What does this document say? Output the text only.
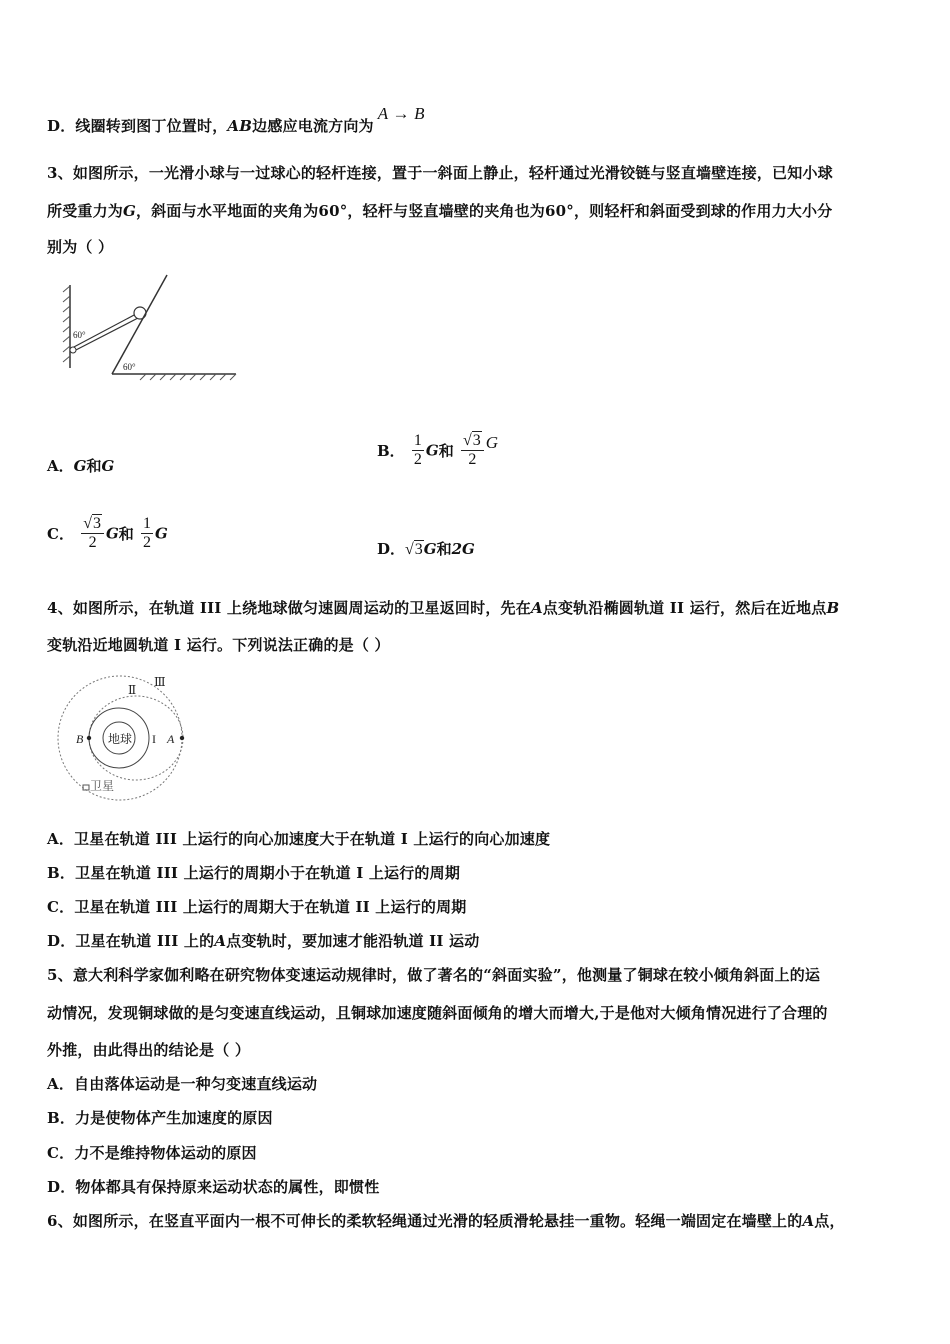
D．线圈转到图丁位置时，AB边感应电流方向为A → B
3、如图所示，一光滑小球与一过球心的轻杆连接，置于一斜面上静止，轻杆通过光滑铰链与竖直墙壁连接，已知小球
所受重力为G，斜面与水平地面的夹角为60°，轻杆与竖直墙壁的夹角也为60°，则轻杆和斜面受到球的作用力大小分
别为（ ）
60°
60°
A．G和G
B． $\frac{1}{2}$ G和 $\frac{√3}{2}$ G
C． $\frac{√3}{2}$ G和 $\frac{1}{2}$ G
D．√3G和2G
4、如图所示，在轨道 III 上绕地球做匀速圆周运动的卫星返回时，先在A点变轨沿椭圆轨道 II 运行，然后在近地点B
变轨沿近地圆轨道 I 运行。下列说法正确的是（ ）
地球
B	A
I
Ⅱ
Ⅲ
卫星
A．卫星在轨道 III 上运行的向心加速度大于在轨道 I 上运行的向心加速度
B．卫星在轨道 III 上运行的周期小于在轨道 I 上运行的周期
C．卫星在轨道 III 上运行的周期大于在轨道 II 上运行的周期
D．卫星在轨道 III 上的A点变轨时，要加速才能沿轨道 II 运动
5、意大利科学家伽利略在研究物体变速运动规律时，做了著名的“斜面实验”，他测量了铜球在较小倾角斜面上的运
动情况，发现铜球做的是匀变速直线运动，且铜球加速度随斜面倾角的增大而增大,于是他对大倾角情况进行了合理的
外推，由此得出的结论是（ ）
A．自由落体运动是一种匀变速直线运动
B．力是使物体产生加速度的原因
C．力不是维持物体运动的原因
D．物体都具有保持原来运动状态的属性，即惯性
6、如图所示，在竖直平面内一根不可伸长的柔软轻绳通过光滑的轻质滑轮悬挂一重物。轻绳一端固定在墙壁上的A点，
